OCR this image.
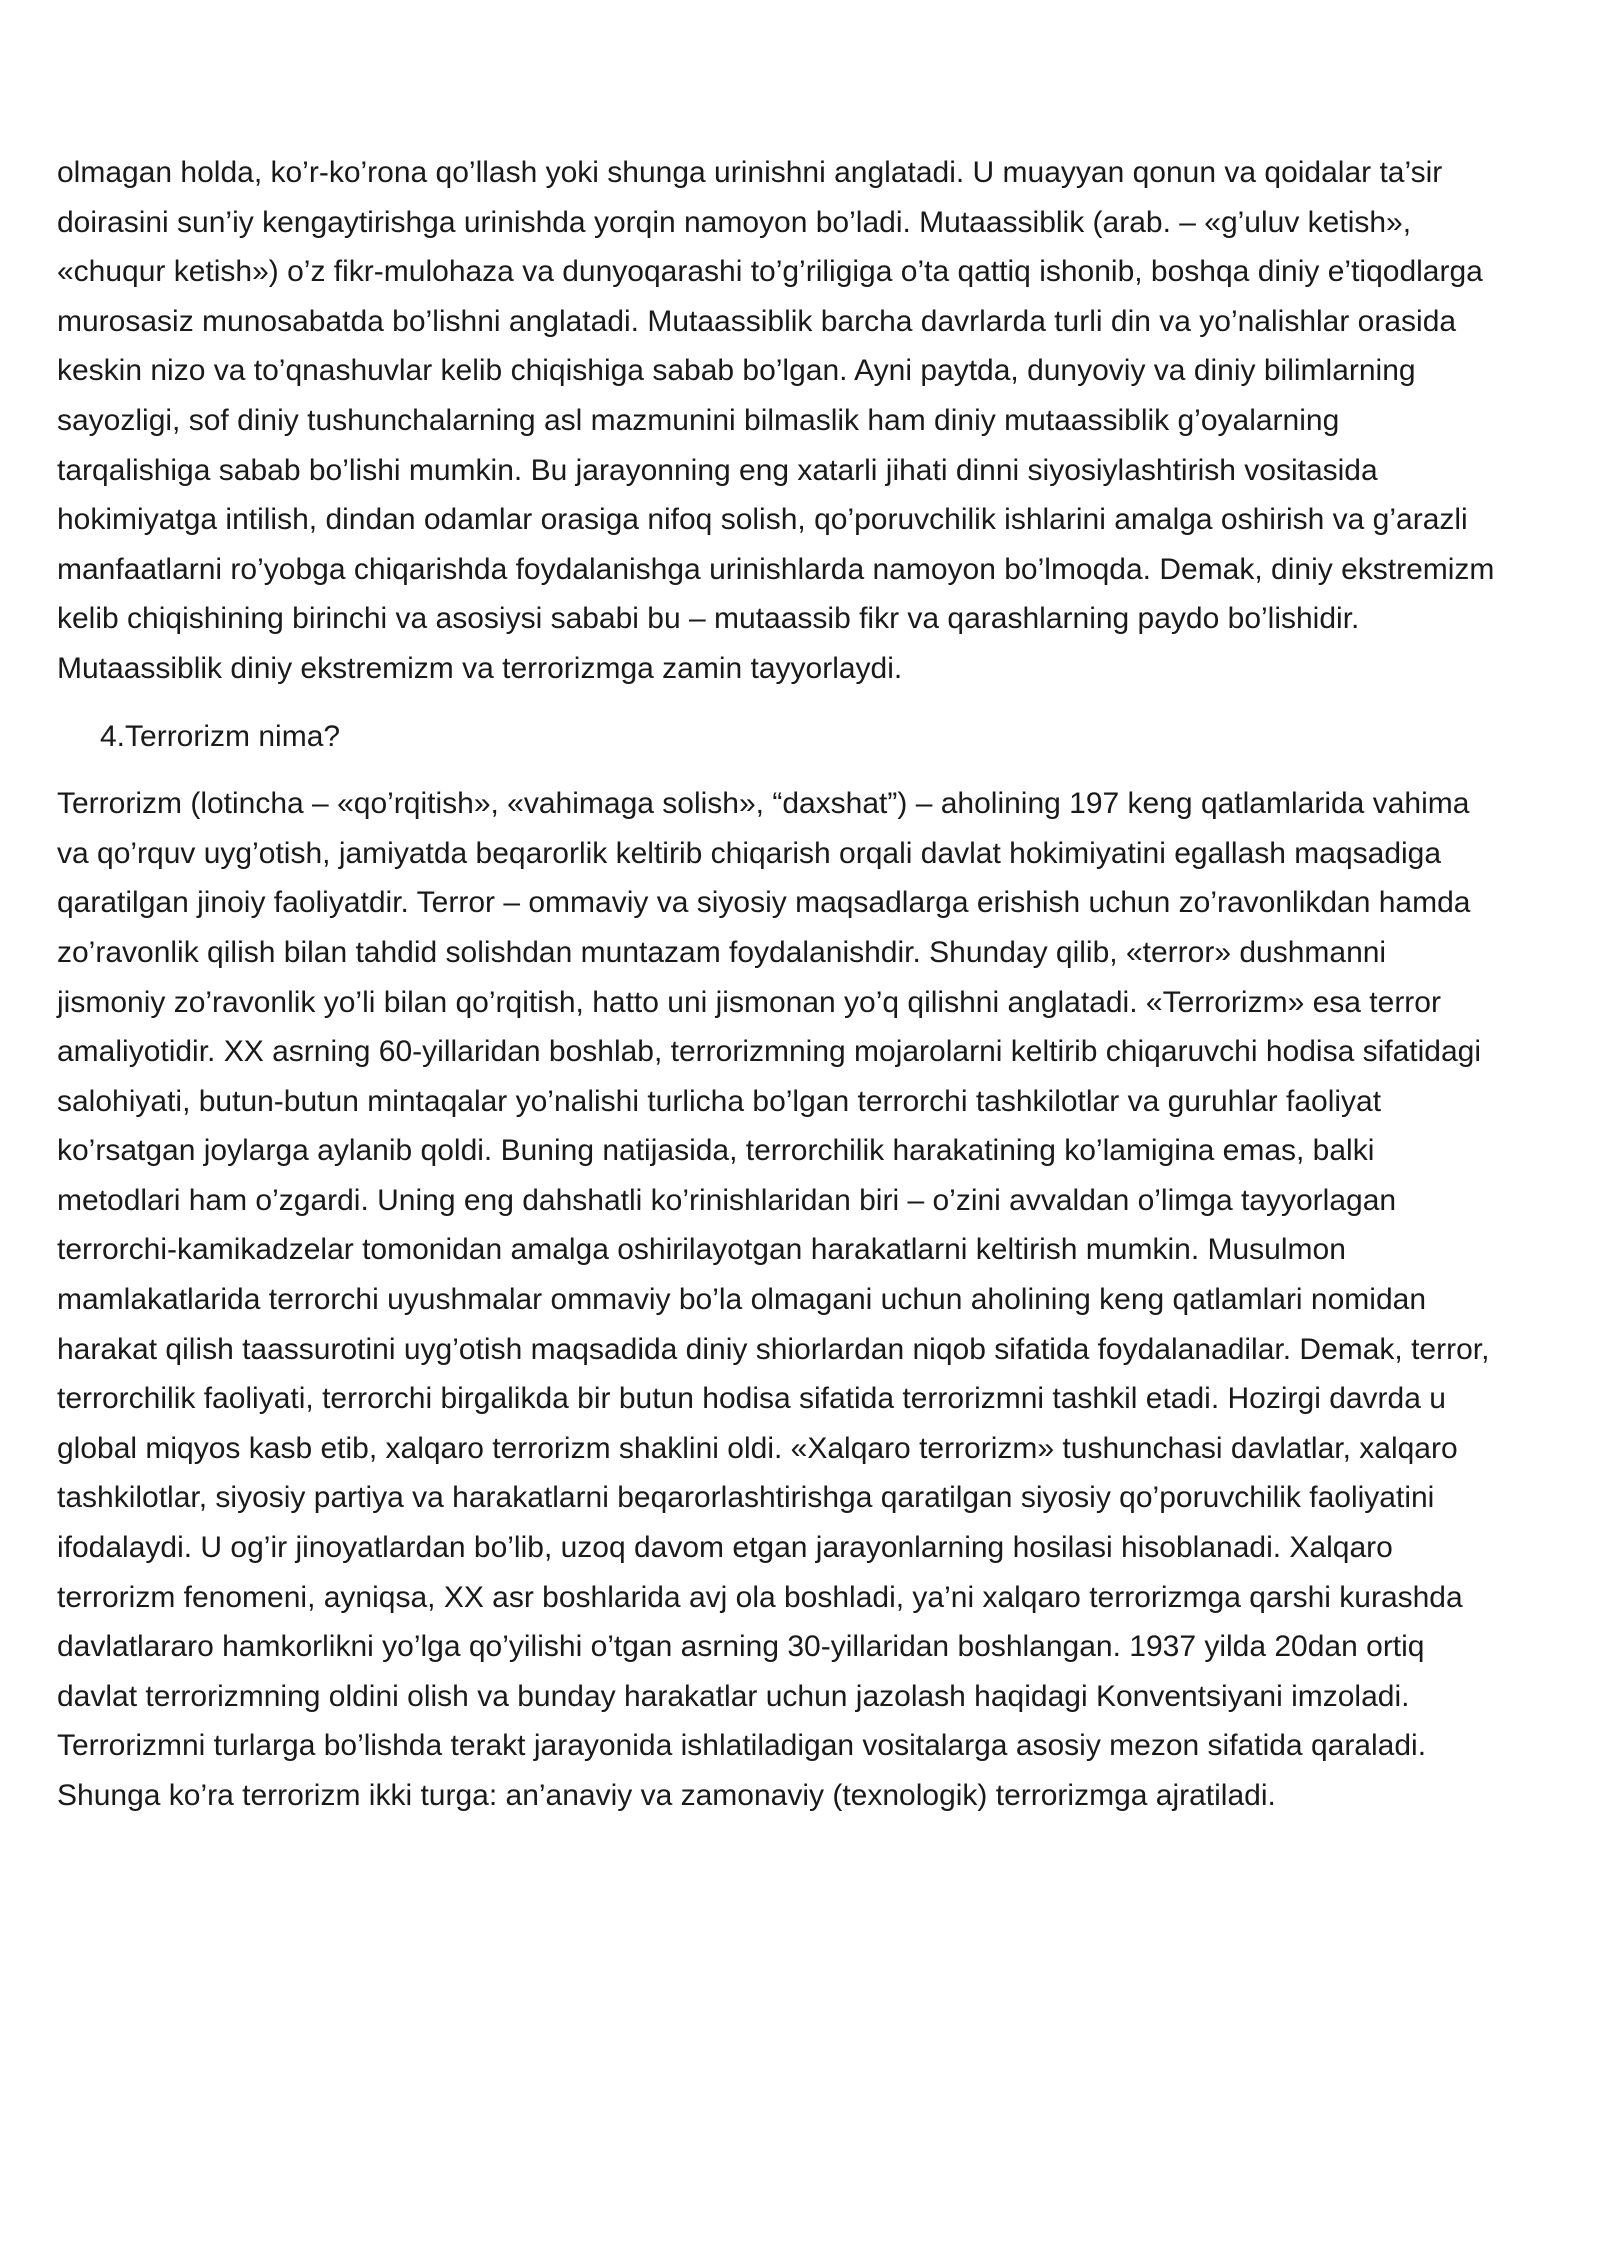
olmagan holda, ko’r-ko’rona qo’llash yoki shunga urinishni anglatadi. U muayyan qonun va qoidalar ta’sir doirasini sun’iy kengaytirishga urinishda yorqin namoyon bo’ladi. Mutaassiblik (arab. – «g’uluv ketish», «chuqur ketish») o’z fikr-mulohaza va dunyoqarashi to’g’riligiga o’ta qattiq ishonib, boshqa diniy e’tiqodlarga murosasiz munosabatda bo’lishni anglatadi. Mutaassiblik barcha davrlarda turli din va yo’nalishlar orasida keskin nizo va to’qnashuvlar kelib chiqishiga sabab bo’lgan. Ayni paytda, dunyoviy va diniy bilimlarning sayozligi, sof diniy tushunchalarning asl mazmunini bilmaslik ham diniy mutaassiblik g’oyalarning tarqalishiga sabab bo’lishi mumkin. Bu jarayonning eng xatarli jihati dinni siyosiylashtirish vositasida hokimiyatga intilish, dindan odamlar orasiga nifoq solish, qo’poruvchilik ishlarini amalga oshirish va g’arazli manfaatlarni ro’yobga chiqarishda foydalanishga urinishlarda namoyon bo’lmoqda. Demak, diniy ekstremizm kelib chiqishining birinchi va asosiysi sababi bu – mutaassib fikr va qarashlarning paydo bo’lishidir. Mutaassiblik diniy ekstremizm va terrorizmga zamin tayyorlaydi.

4.Terrorizm nima?

Terrorizm (lotincha – «qo’rqitish», «vahimaga solish», “daxshat”) – aholining 197 keng qatlamlarida vahima va qo’rquv uyg’otish, jamiyatda beqarorlik keltirib chiqarish orqali davlat hokimiyatini egallash maqsadiga qaratilgan jinoiy faoliyatdir. Terror – ommaviy va siyosiy maqsadlarga erishish uchun zo’ravonlikdan hamda zo’ravonlik qilish bilan tahdid solishdan muntazam foydalanishdir. Shunday qilib, «terror» dushmanni jismoniy zo’ravonlik yo’li bilan qo’rqitish, hatto uni jismonan yo’q qilishni anglatadi. «Terrorizm» esa terror amaliyotidir. XX asrning 60-yillaridan boshlab, terrorizmning mojarolarni keltirib chiqaruvchi hodisa sifatidagi salohiyati, butun-butun mintaqalar yo’nalishi turlicha bo’lgan terrorchi tashkilotlar va guruhlar faoliyat ko’rsatgan joylarga aylanib qoldi. Buning natijasida, terrorchilik harakatining ko’lamigina emas, balki metodlari ham o’zgardi. Uning eng dahshatli ko’rinishlaridan biri – o’zini avvaldan o’limga tayyorlagan terrorchi-kamikadzelar tomonidan amalga oshirilayotgan harakatlarni keltirish mumkin. Musulmon mamlakatlarida terrorchi uyushmalar ommaviy bo’la olmagani uchun aholining keng qatlamlari nomidan harakat qilish taassurotini uyg’otish maqsadida diniy shiorlardan niqob sifatida foydalanadilar. Demak, terror, terrorchilik faoliyati, terrorchi birgalikda bir butun hodisa sifatida terrorizmni tashkil etadi. Hozirgi davrda u global miqyos kasb etib, xalqaro terrorizm shaklini oldi. «Xalqaro terrorizm» tushunchasi davlatlar, xalqaro tashkilotlar, siyosiy partiya va harakatlarni beqarorlashtirishga qaratilgan siyosiy qo’poruvchilik faoliyatini ifodalaydi. U og’ir jinoyatlardan bo’lib, uzoq davom etgan jarayonlarning hosilasi hisoblanadi. Xalqaro terrorizm fenomeni, ayniqsa, XX asr boshlarida avj ola boshladi, ya’ni xalqaro terrorizmga qarshi kurashda davlatlararo hamkorlikni yo’lga qo’yilishi o’tgan asrning 30-yillaridan boshlangan. 1937 yilda 20dan ortiq davlat terrorizmning oldini olish va bunday harakatlar uchun jazolash haqidagi Konventsiyani imzoladi. Terrorizmni turlarga bo’lishda terakt jarayonida ishlatiladigan vositalarga asosiy mezon sifatida qaraladi. Shunga ko’ra terrorizm ikki turga: an’anaviy va zamonaviy (texnologik) terrorizmga ajratiladi.
